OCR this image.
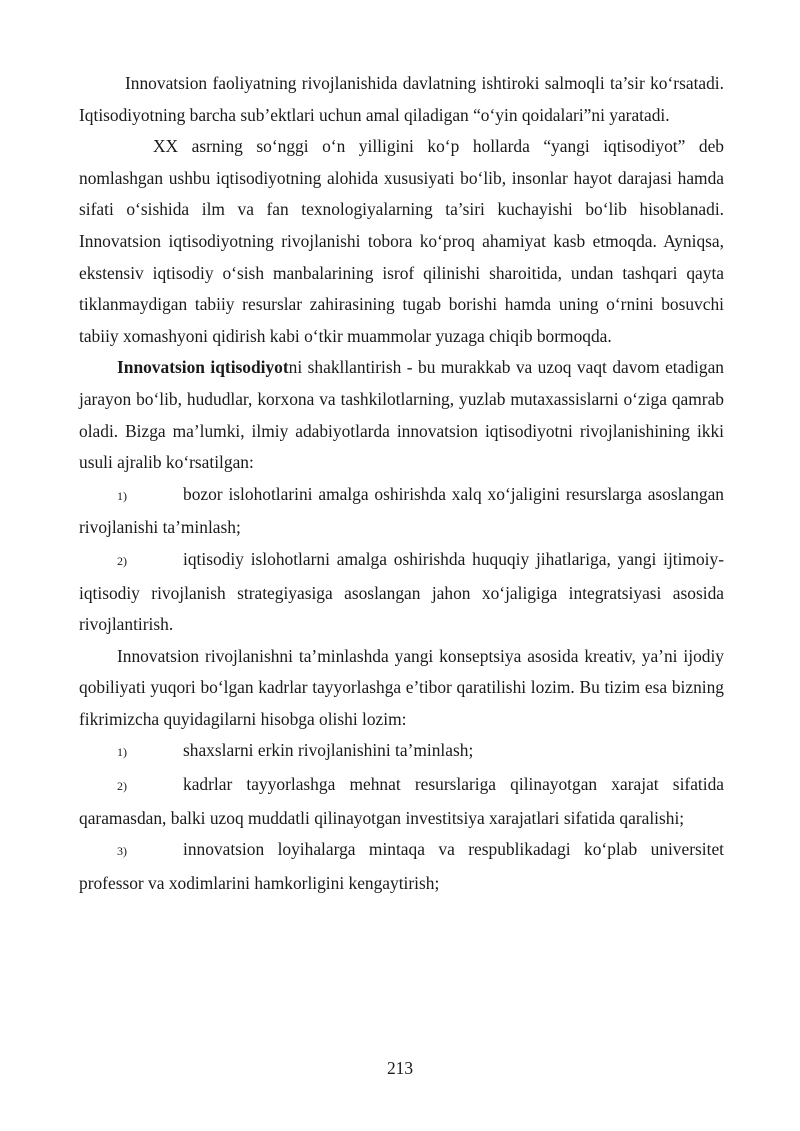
Innovatsion faoliyatning rivojlanishida davlatning ishtiroki salmoqli ta’sir ko‘rsatadi. Iqtisodiyotning barcha sub’ektlari uchun amal qiladigan “o‘yin qoidalari”ni yaratadi.

XX asrning so‘nggi o‘n yilligini ko‘p hollarda “yangi iqtisodiyot” deb nomlashgan ushbu iqtisodiyotning alohida xususiyati bo‘lib, insonlar hayot darajasi hamda sifati o‘sishida ilm va fan texnologiyalarning ta’siri kuchayishi bo‘lib hisoblanadi. Innovatsion iqtisodiyotning rivojlanishi tobora ko‘proq ahamiyat kasb etmoqda. Ayniqsa, ekstensiv iqtisodiy o‘sish manbalarining isrof qilinishi sharoitida, undan tashqari qayta tiklanmaydigan tabiiy resurslar zahirasining tugab borishi hamda uning o‘rnini bosuvchi tabiiy xomashyoni qidirish kabi o‘tkir muammolar yuzaga chiqib bormoqda.

Innovatsion iqtisodiyotni shakllantirish - bu murakkab va uzoq vaqt davom etadigan jarayon bo‘lib, hududlar, korxona va tashkilotlarning, yuzlab mutaxassislarni o‘ziga qamrab oladi. Bizga ma’lumki, ilmiy adabiyotlarda innovatsion iqtisodiyotni rivojlanishining ikki usuli ajralib ko‘rsatilgan:

1)	bozor islohotlarini amalga oshirishda xalq xo‘jaligini resurslarga asoslangan rivojlanishi ta’minlash;

2)	iqtisodiy islohotlarni amalga oshirishda huquqiy jihatlariga, yangi ijtimoiy- iqtisodiy rivojlanish strategiyasiga asoslangan jahon xo‘jaligiga integratsiyasi asosida rivojlantirish.

Innovatsion rivojlanishni ta’minlashda yangi konseptsiya asosida kreativ, ya’ni ijodiy qobiliyati yuqori bo‘lgan kadrlar tayyorlashga e’tibor qaratilishi lozim. Bu tizim esa bizning fikrimizcha quyidagilarni hisobga olishi lozim:

1)	shaxslarni erkin rivojlanishini ta’minlash;

2)	kadrlar tayyorlashga mehnat resurslariga qilinayotgan xarajat sifatida qaramasdan, balki uzoq muddatli qilinayotgan investitsiya xarajatlari sifatida qaralishi;

3)	innovatsion loyihalarga mintaqa va respublikadagi ko‘plab universitet professor va xodimlarini hamkorligini kengaytirish;

213
